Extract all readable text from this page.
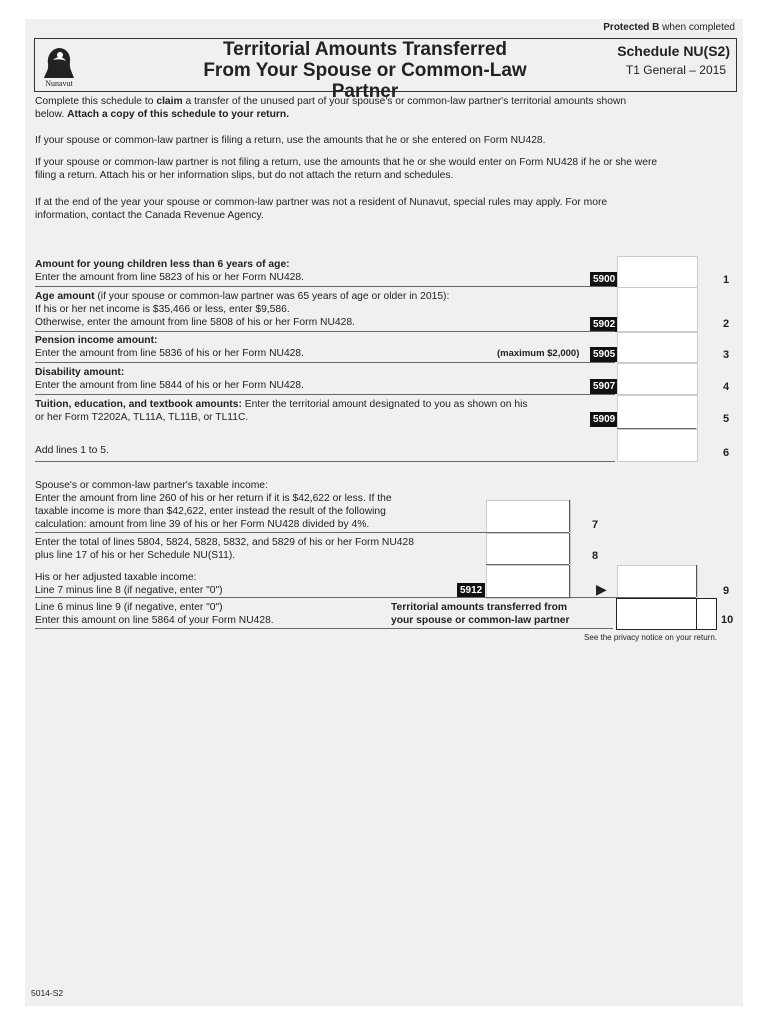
Protected B when completed
Nunavut
Territorial Amounts Transferred
From Your Spouse or Common-Law Partner
Schedule NU(S2)
T1 General – 2015
Complete this schedule to claim a transfer of the unused part of your spouse's or common-law partner's territorial amounts shown
below. Attach a copy of this schedule to your return.
If your spouse or common-law partner is filing a return, use the amounts that he or she entered on Form NU428.
If your spouse or common-law partner is not filing a return, use the amounts that he or she would enter on Form NU428 if he or she were
filing a return. Attach his or her information slips, but do not attach the return and schedules.
If at the end of the year your spouse or common-law partner was not a resident of Nunavut, special rules may apply. For more
information, contact the Canada Revenue Agency.
Amount for young children less than 6 years of age:
Enter the amount from line 5823 of his or her Form NU428.	5900	1
Age amount (if your spouse or common-law partner was 65 years of age or older in 2015):
If his or her net income is $35,466 or less, enter $9,586.
Otherwise, enter the amount from line 5808 of his or her Form NU428.	5902	2
Pension income amount:
Enter the amount from line 5836 of his or her Form NU428.	(maximum $2,000)	5905	3
Disability amount:
Enter the amount from line 5844 of his or her Form NU428.	5907	4
Tuition, education, and textbook amounts: Enter the territorial amount designated to you as shown on his
or her Form T2202A, TL11A, TL11B, or TL11C.	5909	5
Add lines 1 to 5.	6
Spouse's or common-law partner's taxable income:
Enter the amount from line 260 of his or her return if it is $42,622 or less. If the
taxable income is more than $42,622, enter instead the result of the following
calculation: amount from line 39 of his or her Form NU428 divided by 4%.	7
Enter the total of lines 5804, 5824, 5828, 5832, and 5829 of his or her Form NU428
plus line 17 of his or her Schedule NU(S11).	8
His or her adjusted taxable income:
Line 7 minus line 8 (if negative, enter "0")	5912	▶	9
Line 6 minus line 9 (if negative, enter "0")
Enter this amount on line 5864 of your Form NU428.
Territorial amounts transferred from
your spouse or common-law partner	10
See the privacy notice on your return.
5014-S2
